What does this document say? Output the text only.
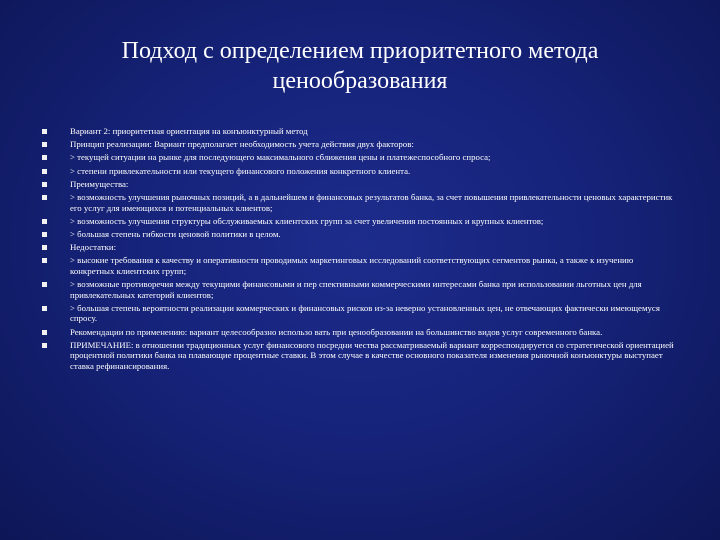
Подход с определением приоритетного метода
ценообразования
Вариант 2: приоритетная ориентация на конъюнктурный метод
Принцип реализации: Вариант предполагает необходимость учета действия двух факторов:
> текущей ситуации на рынке для последующего максимального сближения цены и платежеспособного спроса;
> степени привлекательности или текущего финансового положения конкретного клиента.
Преимущества:
> возможность улучшения рыночных позиций, а в дальнейшем и финансовых результатов банка, за счет повышения привлекательности ценовых характеристик его услуг для имеющихся и потенциальных клиентов;
> возможность улучшения структуры обслуживаемых клиентских групп за счет увеличения постоянных и крупных клиентов;
> большая степень гибкости ценовой политики в целом.
Недостатки:
> высокие требования к качеству и оперативности проводимых маркетинговых исследований соответствующих сегментов рынка, а также к изучению конкретных клиентских групп;
> возможные противоречия между текущими финансовыми и пер спективными коммерческими интересами банка при использовании льготных цен для привлекательных категорий клиентов;
> большая степень вероятности реализации коммерческих и финансовых рисков из-за неверно установленных цен, не отвечающих фактически имеющемуся спросу.
Рекомендации по применению: вариант целесообразно использо вать при ценообразовании на большинство видов услуг современного банка.
ПРИМЕЧАНИЕ: в отношении традиционных услуг финансового посредни чества рассматриваемый вариант корреспондируется со стратегической ориентацией процентной политики банка на плавающие процентные ставки. В этом случае в качестве основного показателя изменения рыночной конъюнктуры выступает ставка рефинансирования.
